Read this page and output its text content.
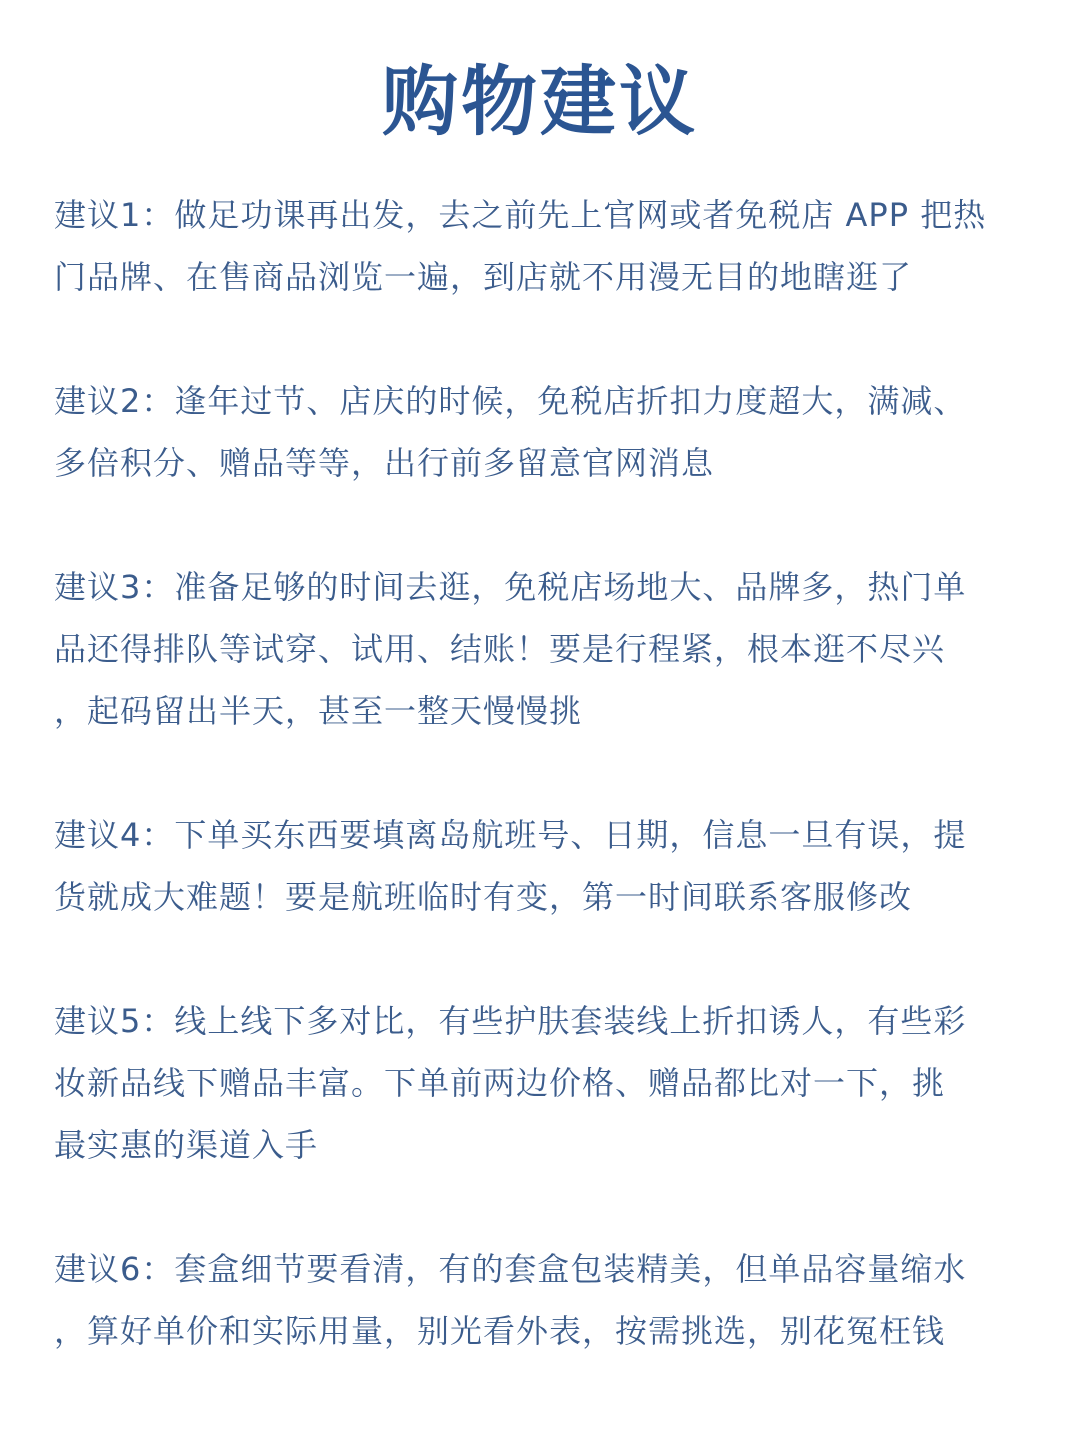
购物建议
建议1：做足功课再出发，去之前先上官网或者免税店 APP 把热
门品牌、在售商品浏览一遍，到店就不用漫无目的地瞎逛了
建议2：逢年过节、店庆的时候，免税店折扣力度超大，满减、
多倍积分、赠品等等，出行前多留意官网消息
建议3：准备足够的时间去逛，免税店场地大、品牌多，热门单
品还得排队等试穿、试用、结账！要是行程紧，根本逛不尽兴
，起码留出半天，甚至一整天慢慢挑
建议4：下单买东西要填离岛航班号、日期，信息一旦有误，提
货就成大难题！要是航班临时有变，第一时间联系客服修改
建议5：线上线下多对比，有些护肤套装线上折扣诱人，有些彩
妆新品线下赠品丰富。下单前两边价格、赠品都比对一下，挑
最实惠的渠道入手
建议6：套盒细节要看清，有的套盒包装精美，但单品容量缩水
，算好单价和实际用量，别光看外表，按需挑选，别花冤枉钱
